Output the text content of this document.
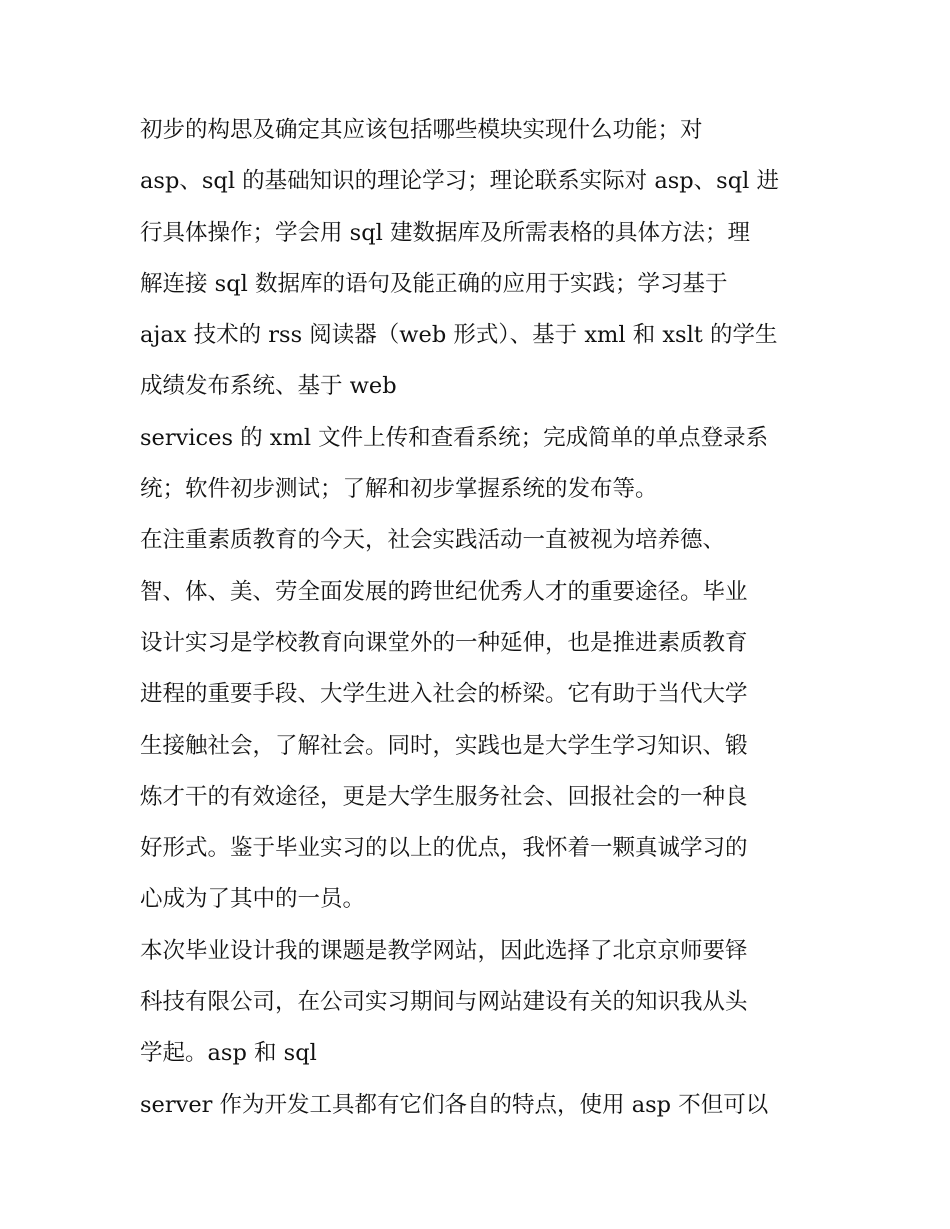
初步的构思及确定其应该包括哪些模块实现什么功能；对
asp、sql 的基础知识的理论学习；理论联系实际对 asp、sql 进
行具体操作；学会用 sql 建数据库及所需表格的具体方法；理
解连接 sql 数据库的语句及能正确的应用于实践；学习基于
ajax 技术的 rss 阅读器（web 形式）、基于 xml 和 xslt 的学生
成绩发布系统、基于 web
services 的 xml 文件上传和查看系统；完成简单的单点登录系
统；软件初步测试；了解和初步掌握系统的发布等。
在注重素质教育的今天，社会实践活动一直被视为培养德、
智、体、美、劳全面发展的跨世纪优秀人才的重要途径。毕业
设计实习是学校教育向课堂外的一种延伸，也是推进素质教育
进程的重要手段、大学生进入社会的桥梁。它有助于当代大学
生接触社会，了解社会。同时，实践也是大学生学习知识、锻
炼才干的有效途径，更是大学生服务社会、回报社会的一种良
好形式。鉴于毕业实习的以上的优点，我怀着一颗真诚学习的
心成为了其中的一员。
本次毕业设计我的课题是教学网站，因此选择了北京京师要铎
科技有限公司，在公司实习期间与网站建设有关的知识我从头
学起。asp 和 sql
server 作为开发工具都有它们各自的特点，使用 asp 不但可以
